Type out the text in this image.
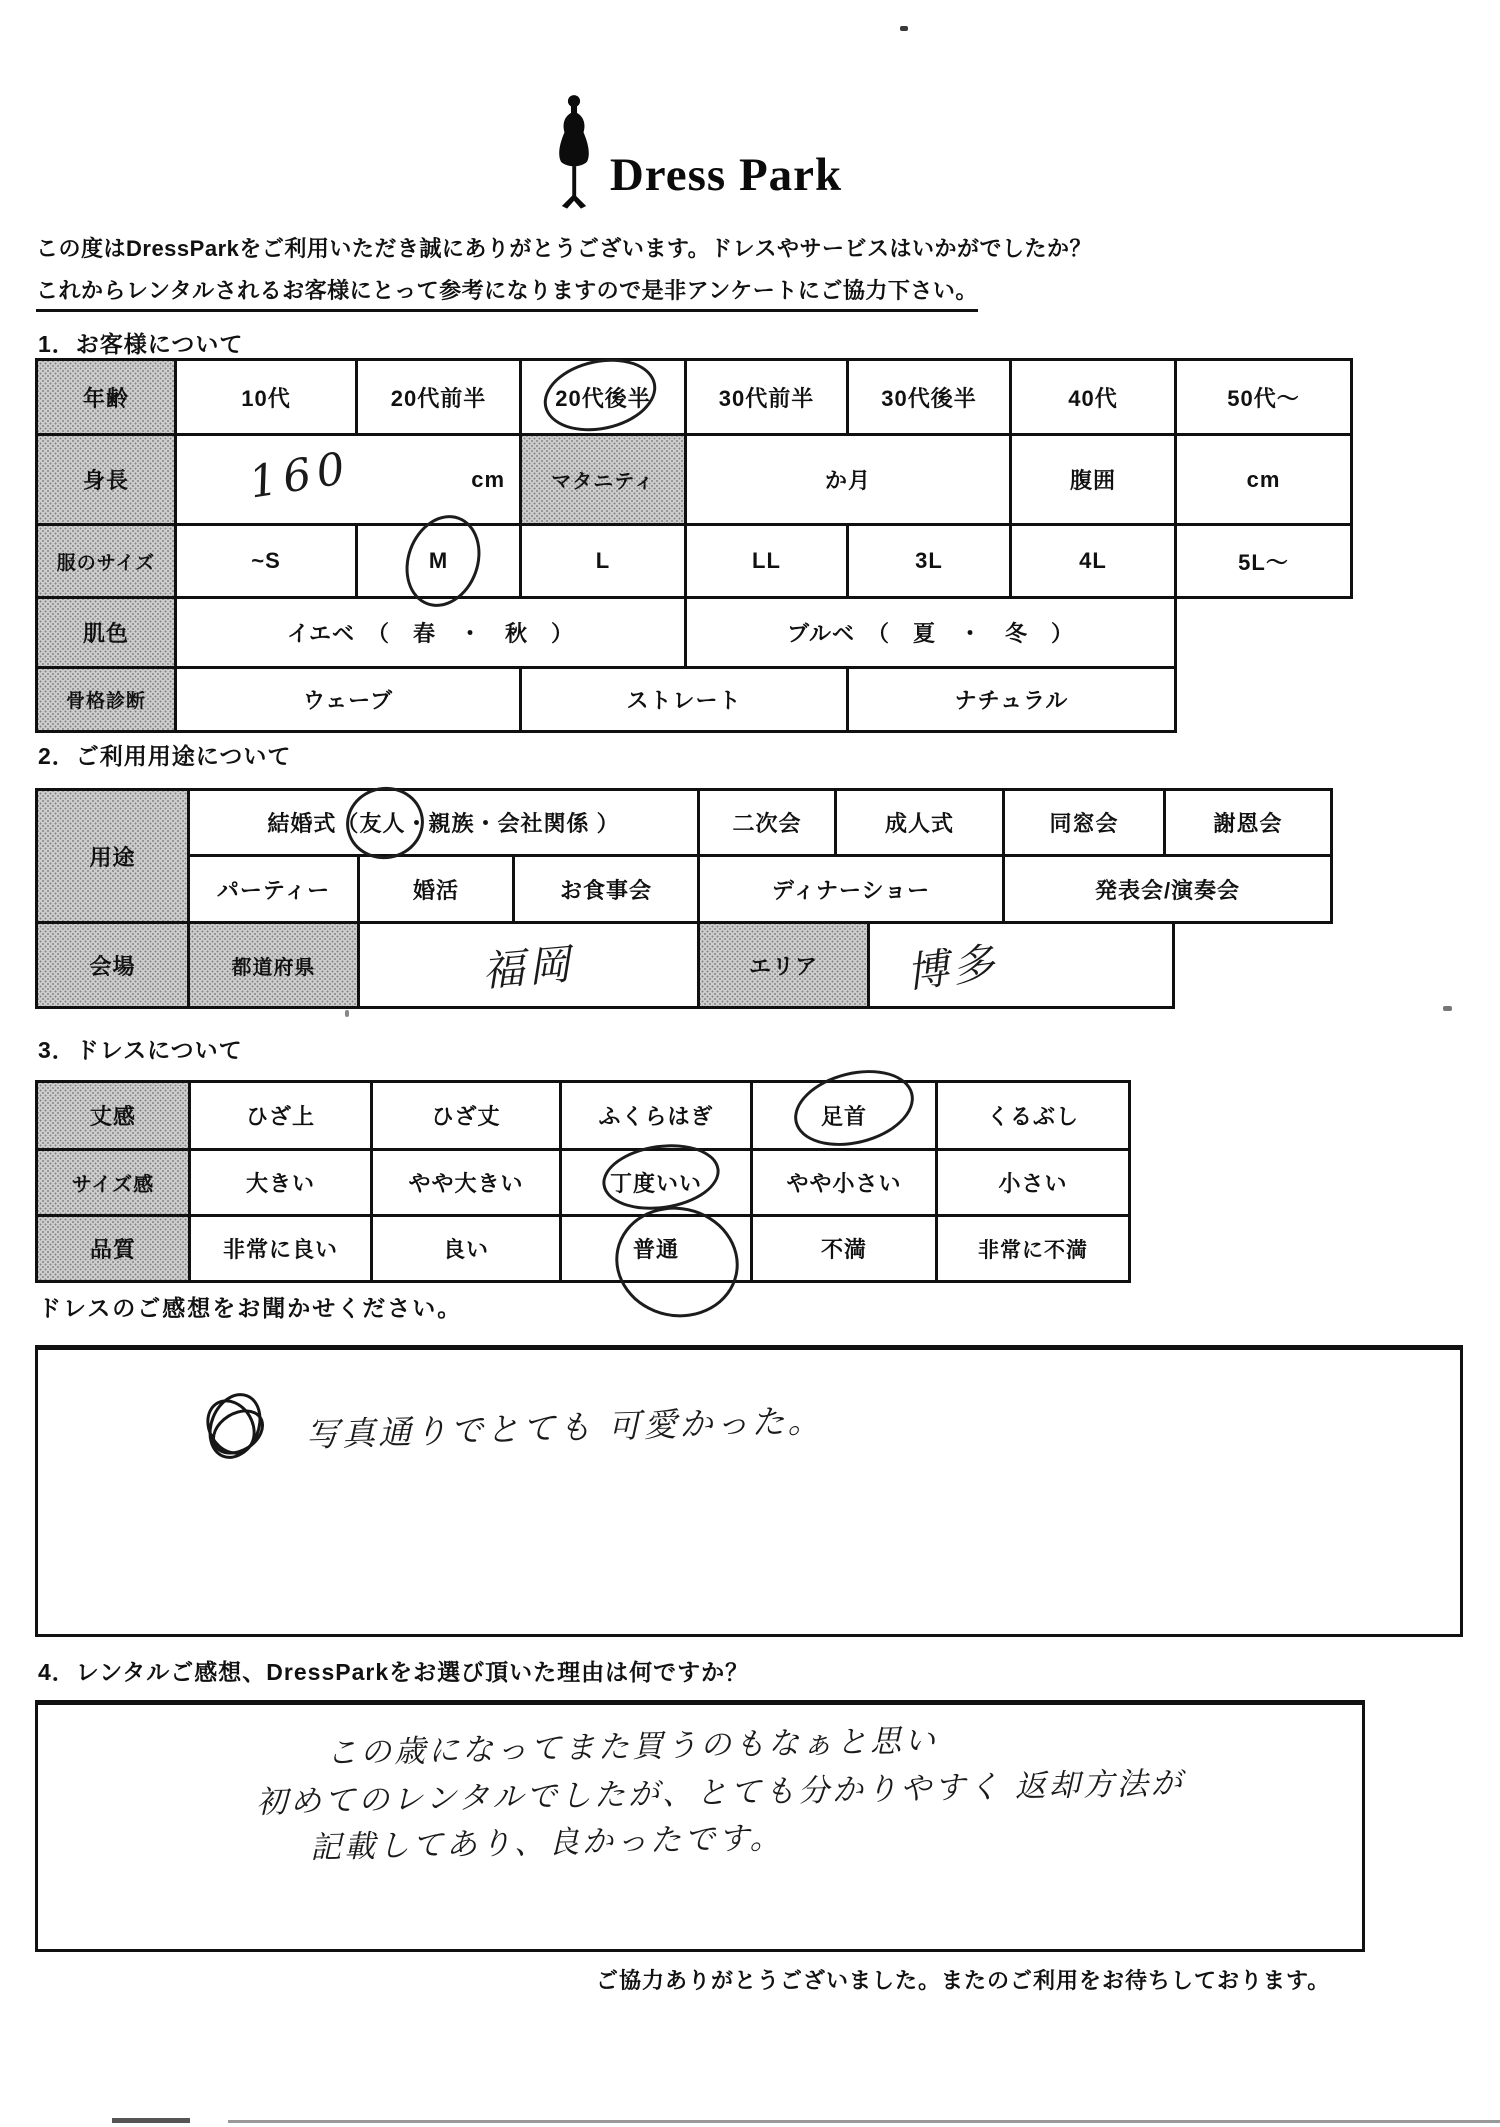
Dress Park
この度はDressParkをご利用いただき誠にありがとうございます。ドレスやサービスはいかがでしたか？
これからレンタルされるお客様にとって参考になりますので是非アンケートにご協力下さい。
1．お客様について
年齢	10代	20代前半	20代後半	30代前半	30代後半	40代	50代～
身長	160	cm	マタニティ	か月	腹囲	cm
服のサイズ	~S	M	L	LL	3L	4L	5L～
肌色	イエベ　（　春　・　秋　）	ブルベ　（　夏　・　冬　）
骨格診断	ウェーブ	ストレート	ナチュラル
2．ご利用用途について
用途
結婚式（ 友人 ・親族・会社関係 ）	二次会	成人式	同窓会	謝恩会
パーティー	婚活	お食事会	ディナーショー	発表会/演奏会
会場	都道府県	福岡	エリア	博多
3．ドレスについて
丈感	ひざ上	ひざ丈	ふくらはぎ	足首	くるぶし
サイズ感	大きい	やや大きい	丁度いい	やや小さい	小さい
品質	非常に良い	良い	普通	不満	非常に不満
ドレスのご感想をお聞かせください。
写真通りでとても 可愛かった。
4．レンタルご感想、DressParkをお選び頂いた理由は何ですか？
この歳になってまた買うのもなぁと思い
初めてのレンタルでしたが、とても分かりやすく 返却方法が
記載してあり、良かったです。
ご協力ありがとうございました。またのご利用をお待ちしております。
